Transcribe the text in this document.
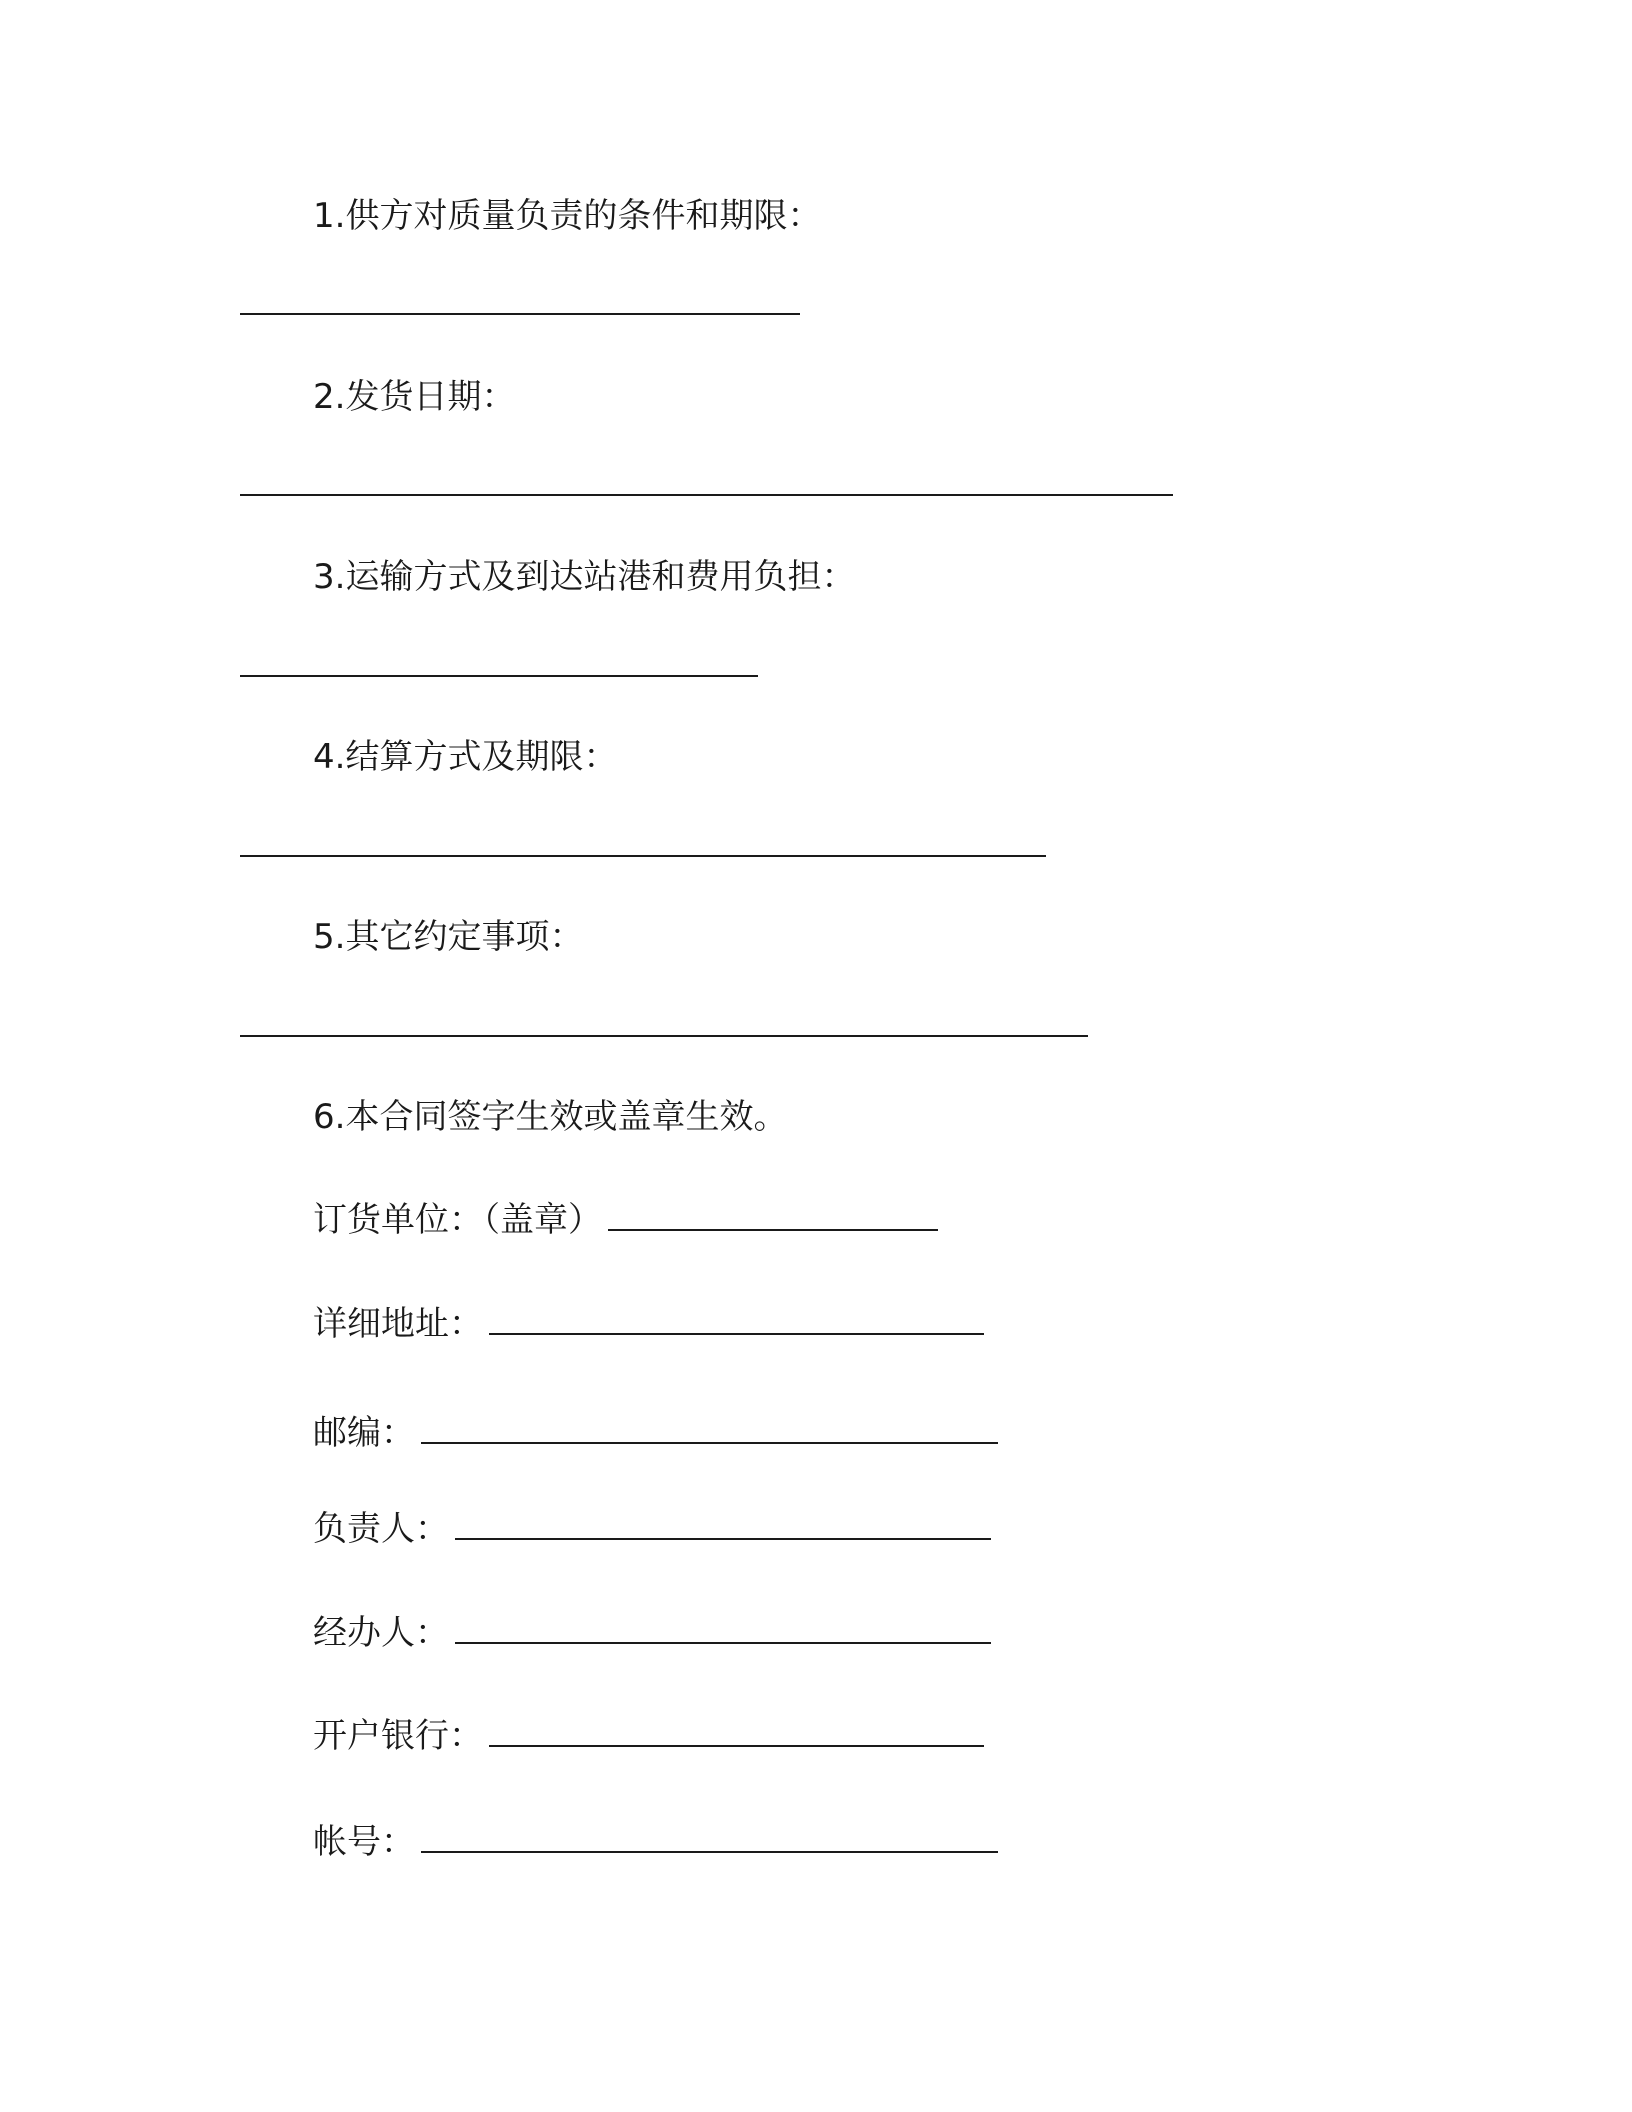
1.供方对质量负责的条件和期限：
2.发货日期：
3.运输方式及到达站港和费用负担：
4.结算方式及期限：
5.其它约定事项：
6.本合同签字生效或盖章生效。
订货单位：（盖章）
详细地址：
邮编：
负责人：
经办人：
开户银行：
帐号：
